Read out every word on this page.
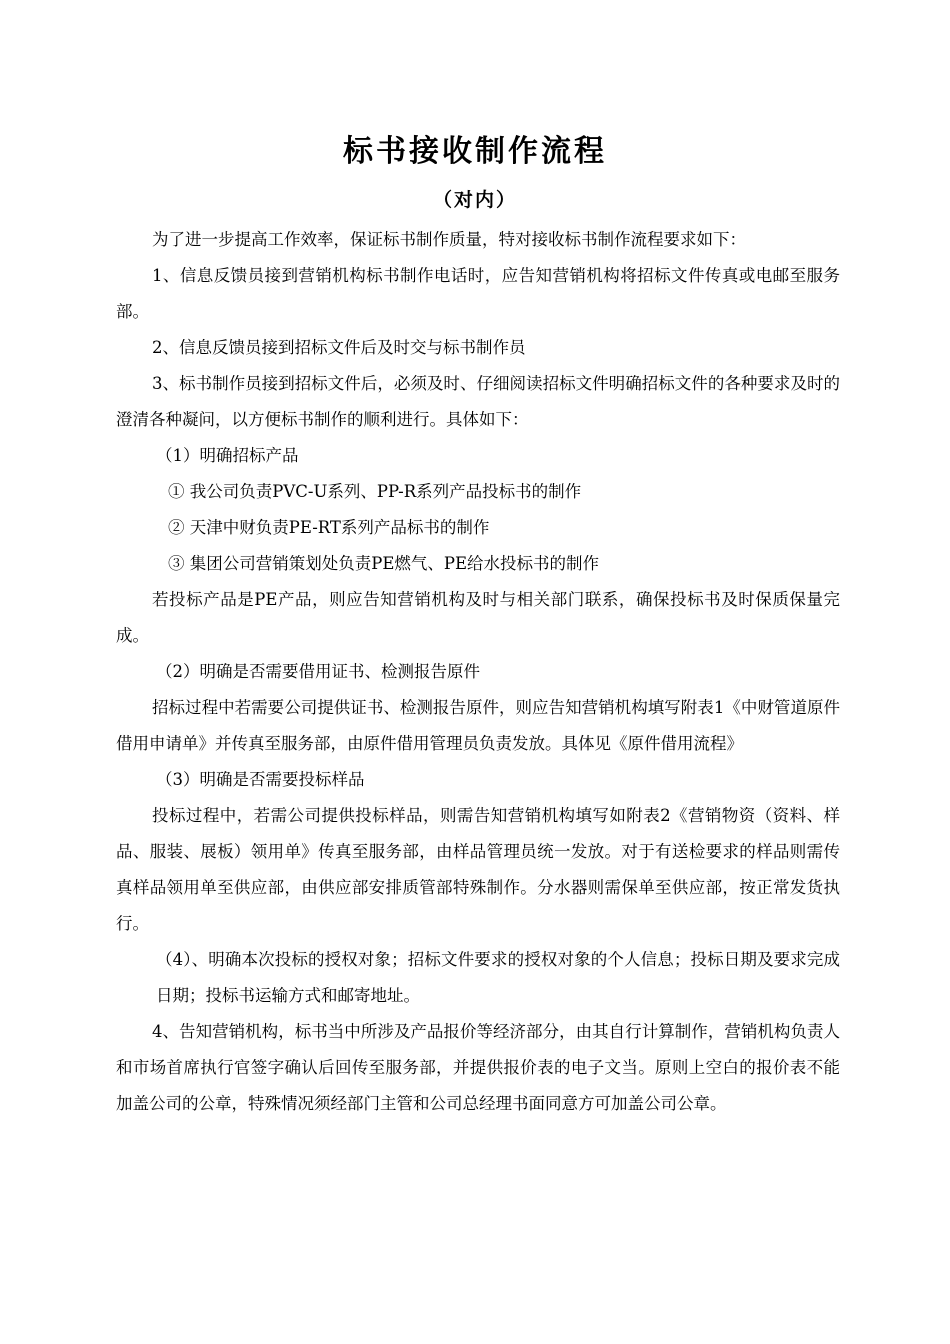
标书接收制作流程
（对内）

为了进一步提高工作效率，保证标书制作质量，特对接收标书制作流程要求如下：

1、信息反馈员接到营销机构标书制作电话时，应告知营销机构将招标文件传真或电邮至服务部。

2、信息反馈员接到招标文件后及时交与标书制作员

3、标书制作员接到招标文件后，必须及时、仔细阅读招标文件明确招标文件的各种要求及时的澄清各种凝问，以方便标书制作的顺利进行。具体如下：

（1）明确招标产品

① 我公司负责PVC-U系列、PP-R系列产品投标书的制作

② 天津中财负责PE-RT系列产品标书的制作

③ 集团公司营销策划处负责PE燃气、PE给水投标书的制作

若投标产品是PE产品，则应告知营销机构及时与相关部门联系，确保投标书及时保质保量完成。

（2）明确是否需要借用证书、检测报告原件

招标过程中若需要公司提供证书、检测报告原件，则应告知营销机构填写附表1《中财管道原件借用申请单》并传真至服务部，由原件借用管理员负责发放。具体见《原件借用流程》

（3）明确是否需要投标样品

投标过程中，若需公司提供投标样品，则需告知营销机构填写如附表2《营销物资（资料、样品、服装、展板）领用单》传真至服务部，由样品管理员统一发放。对于有送检要求的样品则需传真样品领用单至供应部，由供应部安排质管部特殊制作。分水器则需保单至供应部，按正常发货执行。

（4）、明确本次投标的授权对象；招标文件要求的授权对象的个人信息；投标日期及要求完成日期；投标书运输方式和邮寄地址。

4、告知营销机构，标书当中所涉及产品报价等经济部分，由其自行计算制作，营销机构负责人和市场首席执行官签字确认后回传至服务部，并提供报价表的电子文当。原则上空白的报价表不能加盖公司的公章，特殊情况须经部门主管和公司总经理书面同意方可加盖公司公章。
